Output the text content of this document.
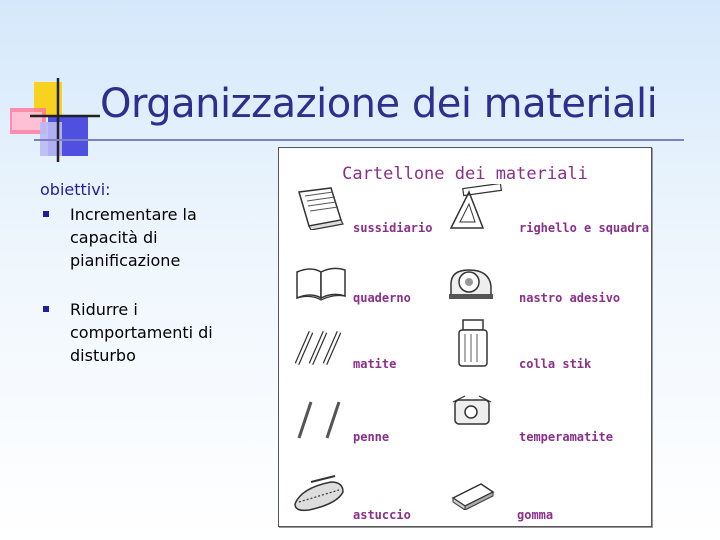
Organizzazione dei materiali

obiettivi:

Incrementare la capacità di pianificazione
Ridurre i comportamenti di disturbo
Cartellone dei materiali
sussidiario	righello e squadra
quaderno	nastro adesivo
matite	colla stik
penne	temperamatite
astuccio	gomma
